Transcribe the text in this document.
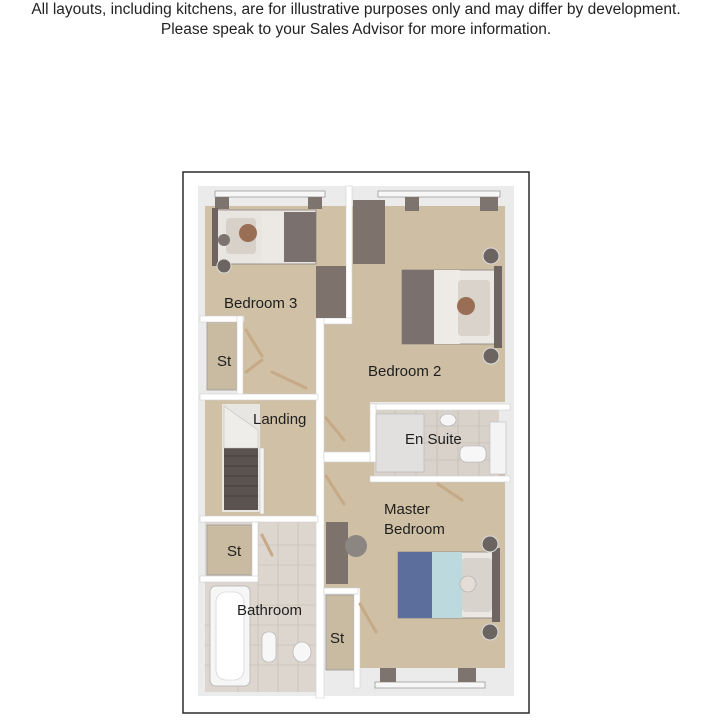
All layouts, including kitchens, are for illustrative purposes only and may differ by development.
Please speak to your Sales Advisor for more information.
Bedroom 3
Bedroom 2
Landing
En Suite
Master
Bedroom
Bathroom
St
St
St
